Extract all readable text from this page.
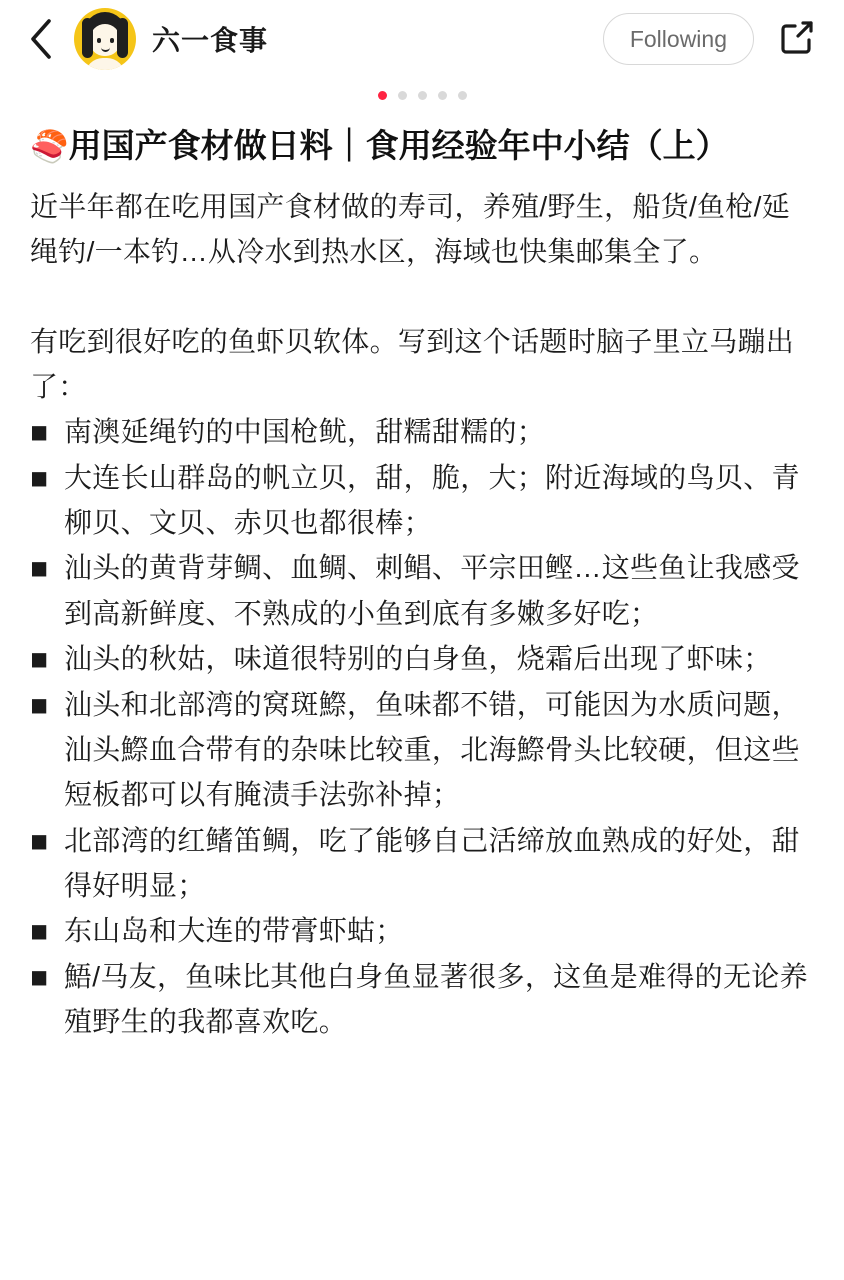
六一食事	Following
🍣用国产食材做日料｜食用经验年中小结（上）

近半年都在吃用国产食材做的寿司，养殖/野生，船货/鱼枪/延绳钓/一本钓…从冷水到热水区，海域也快集邮集全了。

有吃到很好吃的鱼虾贝软体。写到这个话题时脑子里立马蹦出了：

◼ 南澳延绳钓的中国枪鱿，甜糯甜糯的；
◼ 大连长山群岛的帆立贝，甜，脆，大；附近海域的鸟贝、青柳贝、文贝、赤贝也都很棒；
◼ 汕头的黄背芽鲷、血鲷、刺鲳、平宗田鲣…这些鱼让我感受到高新鲜度、不熟成的小鱼到底有多嫩多好吃；
◼ 汕头的秋姑，味道很特别的白身鱼，烧霜后出现了虾味；
◼ 汕头和北部湾的窝斑鰶，鱼味都不错，可能因为水质问题，汕头鰶血合带有的杂味比较重，北海鰶骨头比较硬，但这些短板都可以有腌渍手法弥补掉；
◼ 北部湾的红鳍笛鲷，吃了能够自己活缔放血熟成的好处，甜得好明显；
◼ 东山岛和大连的带膏虾蛄；
◼ 鯃/马友，鱼味比其他白身鱼显著很多，这鱼是难得的无论养殖野生的我都喜欢吃。
